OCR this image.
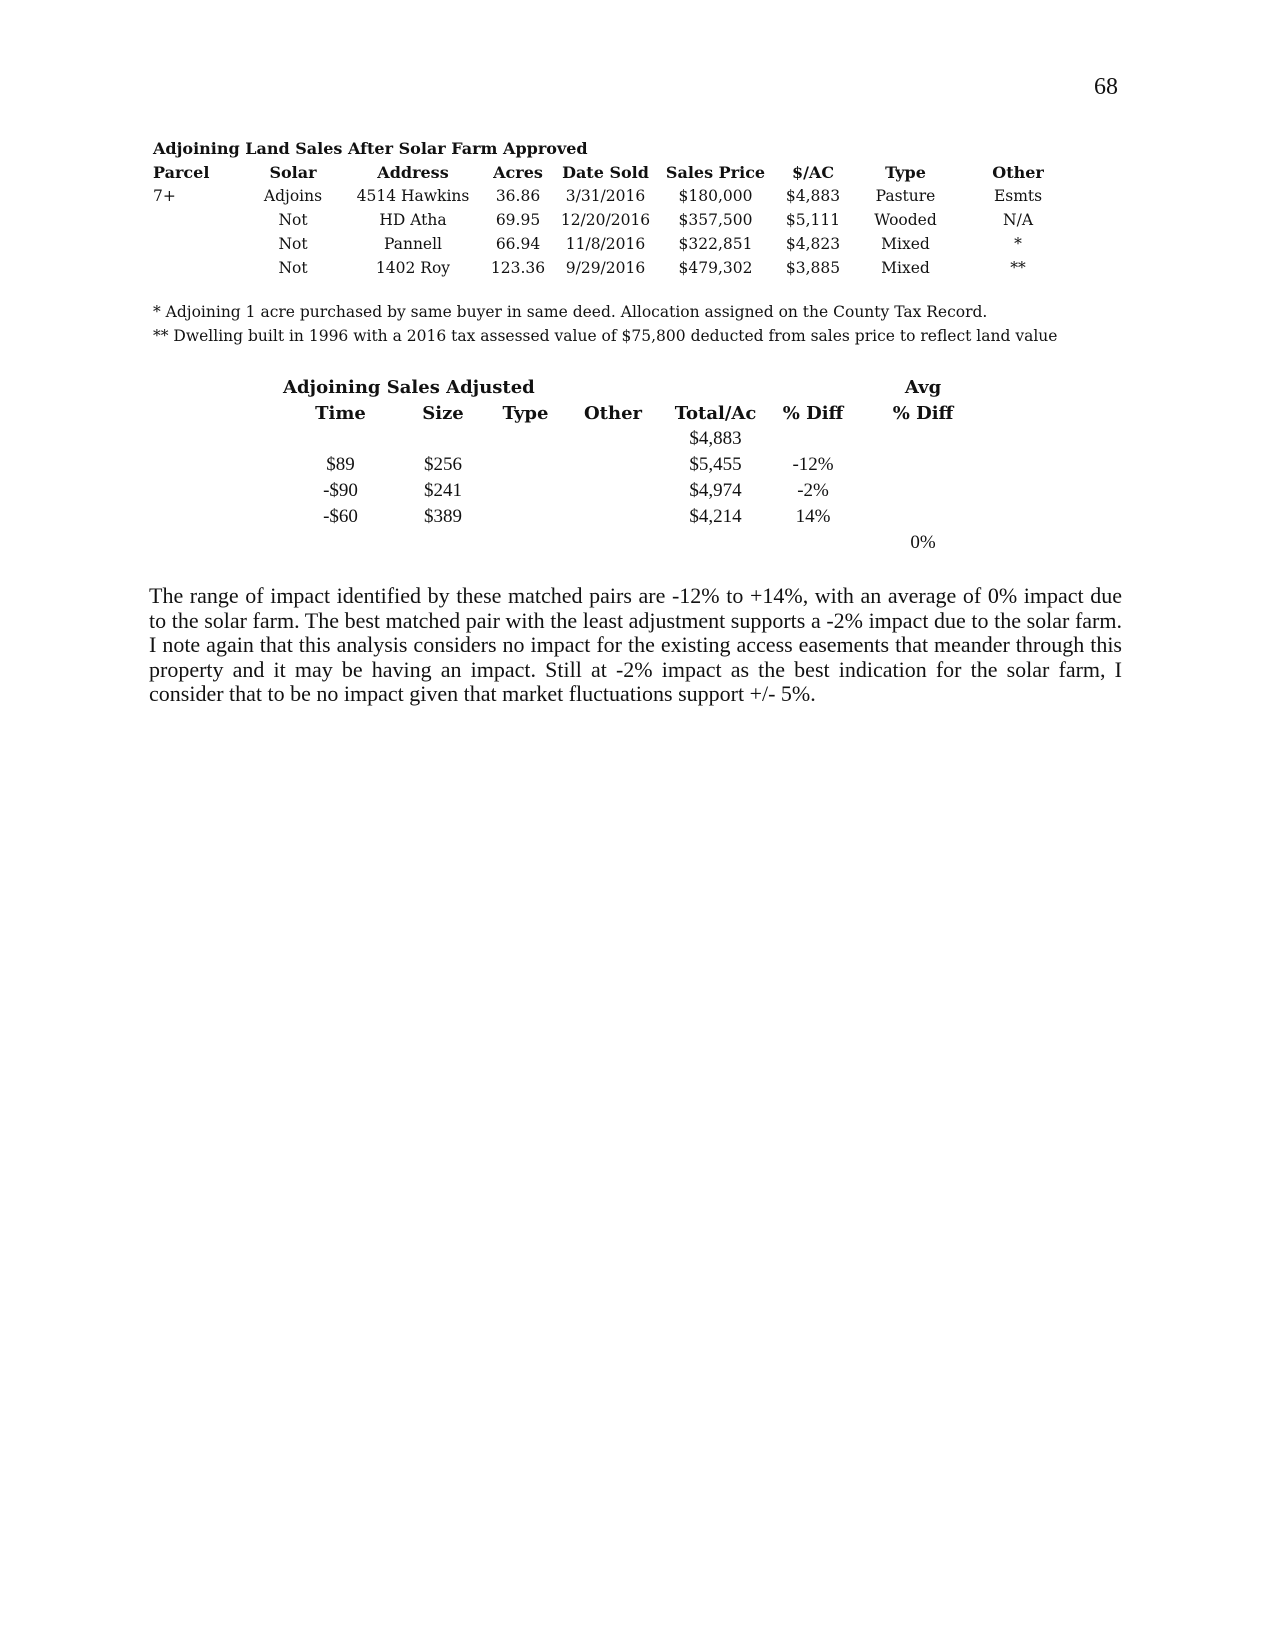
68
Adjoining Land Sales After Solar Farm Approved								
Parcel	Solar	Address	Acres	Date Sold	Sales Price	$/AC	Type	Other
7+	Adjoins	4514 Hawkins	36.86	3/31/2016	$180,000	$4,883	Pasture	Esmts
	Not	HD Atha	69.95	12/20/2016	$357,500	$5,111	Wooded	N/A
	Not	Pannell	66.94	11/8/2016	$322,851	$4,823	Mixed	*
	Not	1402 Roy	123.36	9/29/2016	$479,302	$3,885	Mixed	**
* Adjoining 1 acre purchased by same buyer in same deed. Allocation assigned on the County Tax Record.
** Dwelling built in 1996 with a 2016 tax assessed value of $75,800 deducted from sales price to reflect land value
Adjoining Sales Adjusted						Avg
Time	Size	Type	Other	Total/Ac	% Diff	% Diff
				$4,883		
$89	$256			$5,455	-12%	
-$90	$241			$4,974	-2%	
-$60	$389			$4,214	14%	
						0%

The range of impact identified by these matched pairs are -12% to +14%, with an average of 0% impact due to the solar farm. The best matched pair with the least adjustment supports a -2% impact due to the solar farm. I note again that this analysis considers no impact for the existing access easements that meander through this property and it may be having an impact. Still at -2% impact as the best indication for the solar farm, I consider that to be no impact given that market fluctuations support +/- 5%.
